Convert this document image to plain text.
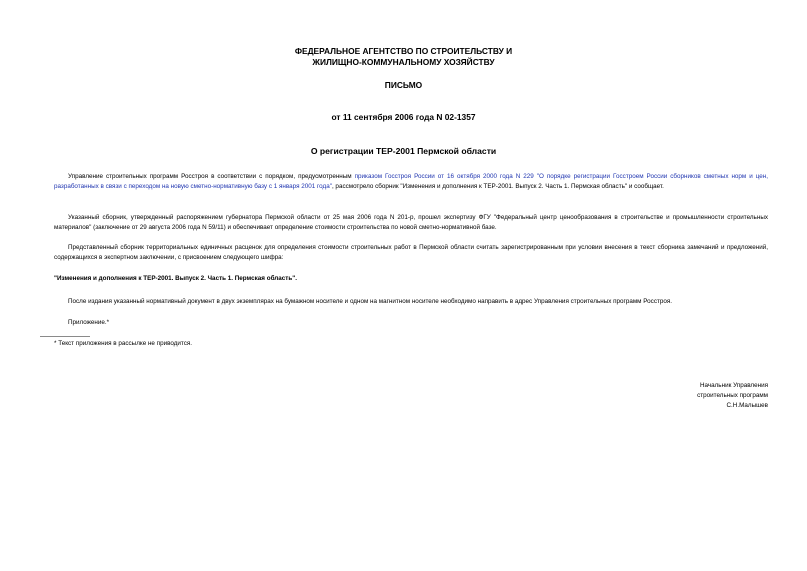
ФЕДЕРАЛЬНОЕ АГЕНТСТВО ПО СТРОИТЕЛЬСТВУ И
ЖИЛИЩНО-КОММУНАЛЬНОМУ ХОЗЯЙСТВУ
ПИСЬМО
от 11 сентября 2006 года N 02-1357
О регистрации ТЕР-2001 Пермской области
Управление строительных программ Росстроя в соответствии с порядком, предусмотренным приказом Госстроя России от 16 октября 2000 года N 229 "О порядке регистрации Госстроем России сборников сметных норм и цен, разработанных в связи с переходом на новую сметно-нормативную базу с 1 января 2001 года", рассмотрело сборник "Изменения и дополнения к ТЕР-2001. Выпуск 2. Часть 1. Пермская область" и сообщает.
Указанный сборник, утвержденный распоряжением губернатора Пермской области от 25 мая 2006 года N 201-р, прошел экспертизу ФГУ "Федеральный центр ценообразования в строительстве и промышленности строительных материалов" (заключение от 29 августа 2006 года N 59/11) и обеспечивает определение стоимости строительства по новой сметно-нормативной базе.
Представленный сборник территориальных единичных расценок для определения стоимости строительных работ в Пермской области считать зарегистрированным при условии внесения в текст сборника замечаний и предложений, содержащихся в экспертном заключении, с присвоением следующего шифра:
"Изменения и дополнения к ТЕР-2001. Выпуск 2. Часть 1. Пермская область".
После издания указанный нормативный документ в двух экземплярах на бумажном носителе и одном на магнитном носителе необходимо направить в адрес Управления строительных программ Росстроя.
Приложение.*
* Текст приложения в рассылке не приводится.
Начальник Управления
строительных программ
С.Н.Малышев
